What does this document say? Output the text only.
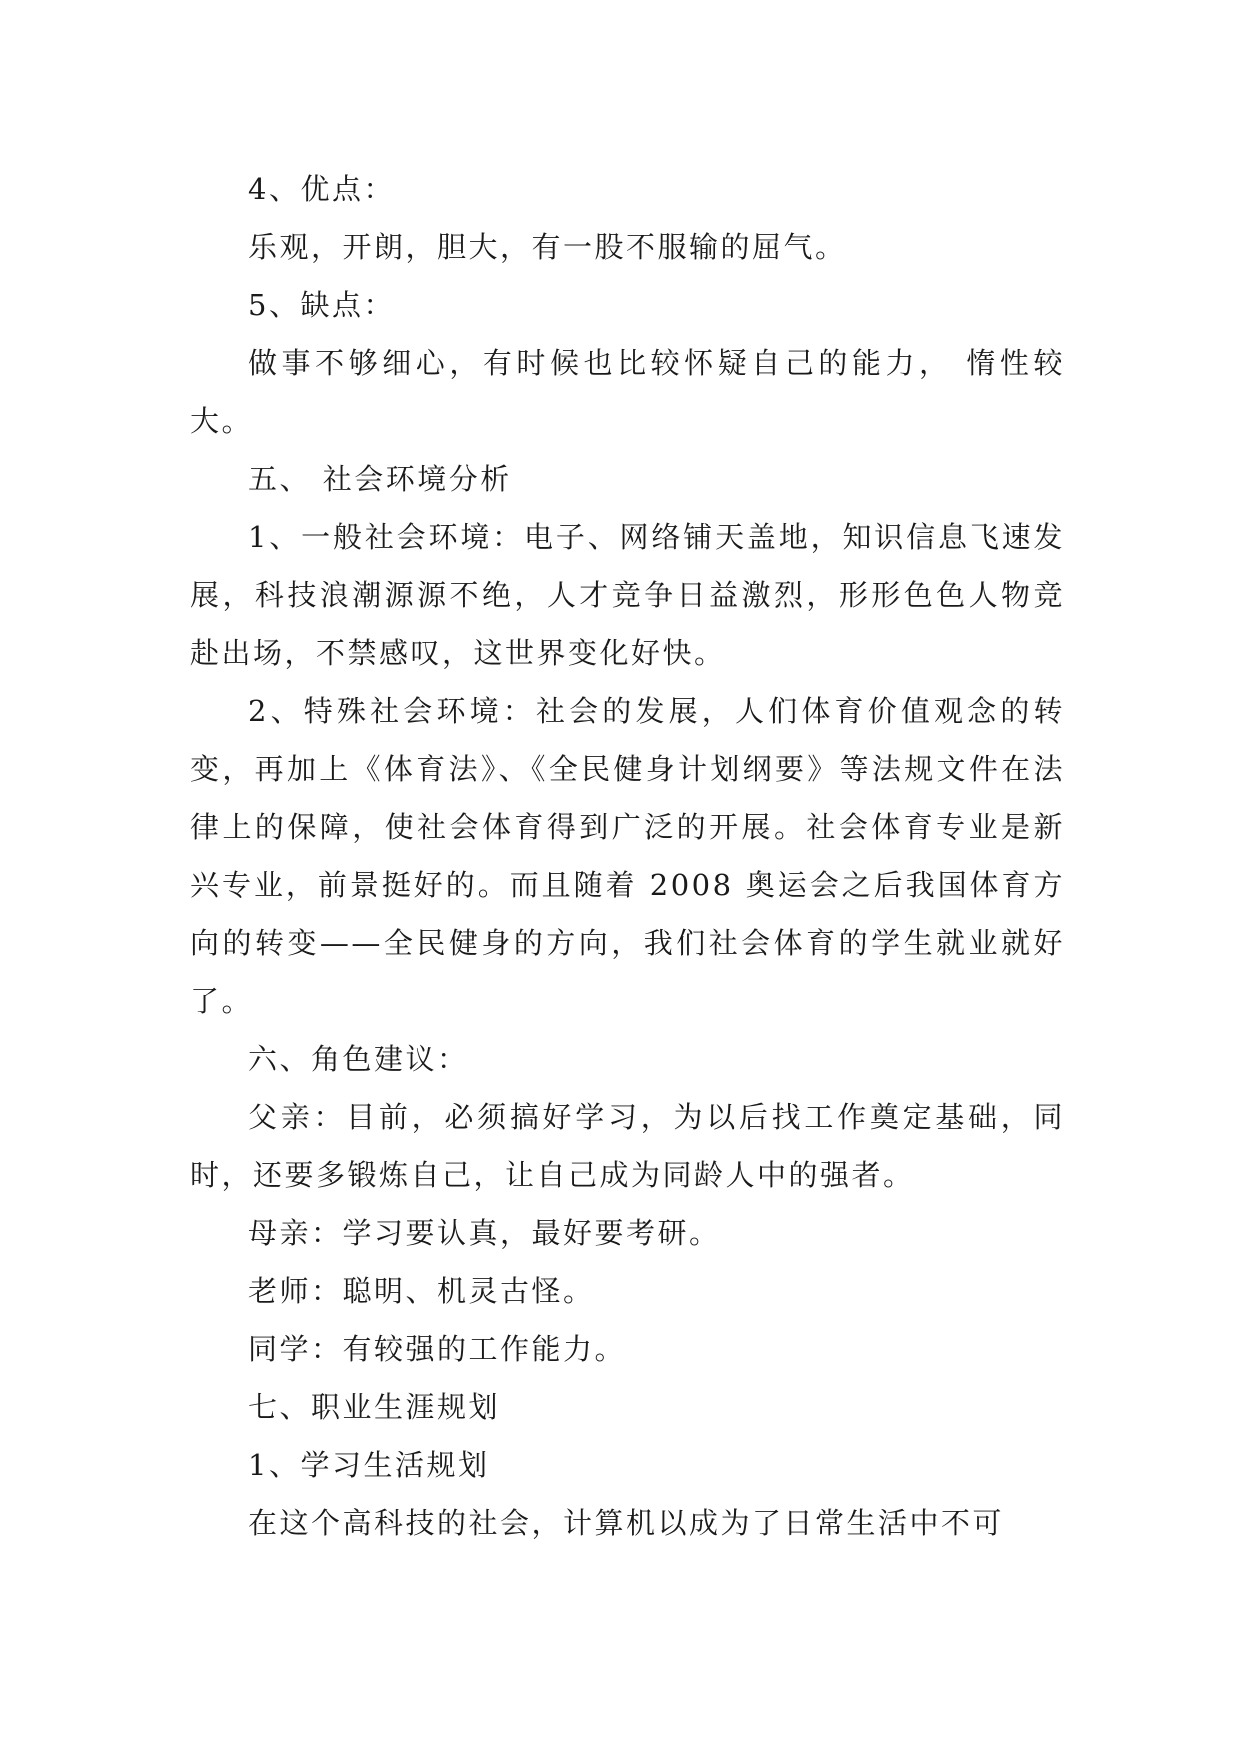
4、优点：

乐观，开朗，胆大，有一股不服输的屈气。

5、缺点：

做事不够细心，有时候也比较怀疑自己的能力， 惰性较大。

五、 社会环境分析

1、一般社会环境：电子、网络铺天盖地，知识信息飞速发展，科技浪潮源源不绝，人才竞争日益激烈，形形色色人物竞赴出场，不禁感叹，这世界变化好快。

2、特殊社会环境：社会的发展，人们体育价值观念的转变，再加上《体育法》、《全民健身计划纲要》等法规文件在法律上的保障，使社会体育得到广泛的开展。社会体育专业是新兴专业，前景挺好的。而且随着 2008 奥运会之后我国体育方向的转变——全民健身的方向，我们社会体育的学生就业就好了。

六、角色建议：

父亲：目前，必须搞好学习，为以后找工作奠定基础，同时，还要多锻炼自己，让自己成为同龄人中的强者。

母亲：学习要认真，最好要考研。

老师：聪明、机灵古怪。

同学：有较强的工作能力。

七、职业生涯规划

1、学习生活规划

在这个高科技的社会，计算机以成为了日常生活中不可
